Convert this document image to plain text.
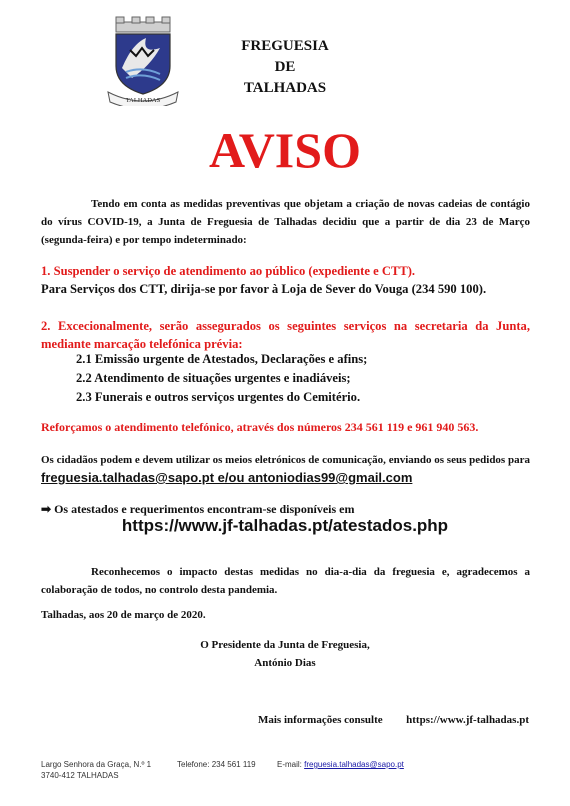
TALHADAS
FREGUESIA
DE
TALHADAS
AVISO
Tendo em conta as medidas preventivas que objetam a criação de novas cadeias de contágio do vírus COVID-19, a Junta de Freguesia de Talhadas decidiu que a partir de dia 23 de Março (segunda-feira) e por tempo indeterminado:
1. Suspender o serviço de atendimento ao público (expediente e CTT).
Para Serviços dos CTT, dirija-se por favor à Loja de Sever do Vouga (234 590 100).
2. Excecionalmente, serão assegurados os seguintes serviços na secretaria da Junta, mediante marcação telefónica prévia:
2.1 Emissão urgente de Atestados, Declarações e afins;
2.2 Atendimento de situações urgentes e inadiáveis;
2.3 Funerais e outros serviços urgentes do Cemitério.
Reforçamos o atendimento telefónico, através dos números 234 561 119 e 961 940 563.
Os cidadãos podem e devem utilizar os meios eletrónicos de comunicação, enviando os seus pedidos para freguesia.talhadas@sapo.pt e/ou antoniodias99@gmail.com
➡ Os atestados e requerimentos encontram-se disponíveis em
https://www.jf-talhadas.pt/atestados.php
Reconhecemos o impacto destas medidas no dia-a-dia da freguesia e, agradecemos a colaboração de todos, no controlo desta pandemia.
Talhadas, aos 20 de março de 2020.
O Presidente da Junta de Freguesia,
António Dias
Mais informações consulte https://www.jf-talhadas.pt
Largo Senhora da Graça, N.º 1
3740-412 TALHADAS
Telefone: 234 561 119	E-mail: freguesia.talhadas@sapo.pt
